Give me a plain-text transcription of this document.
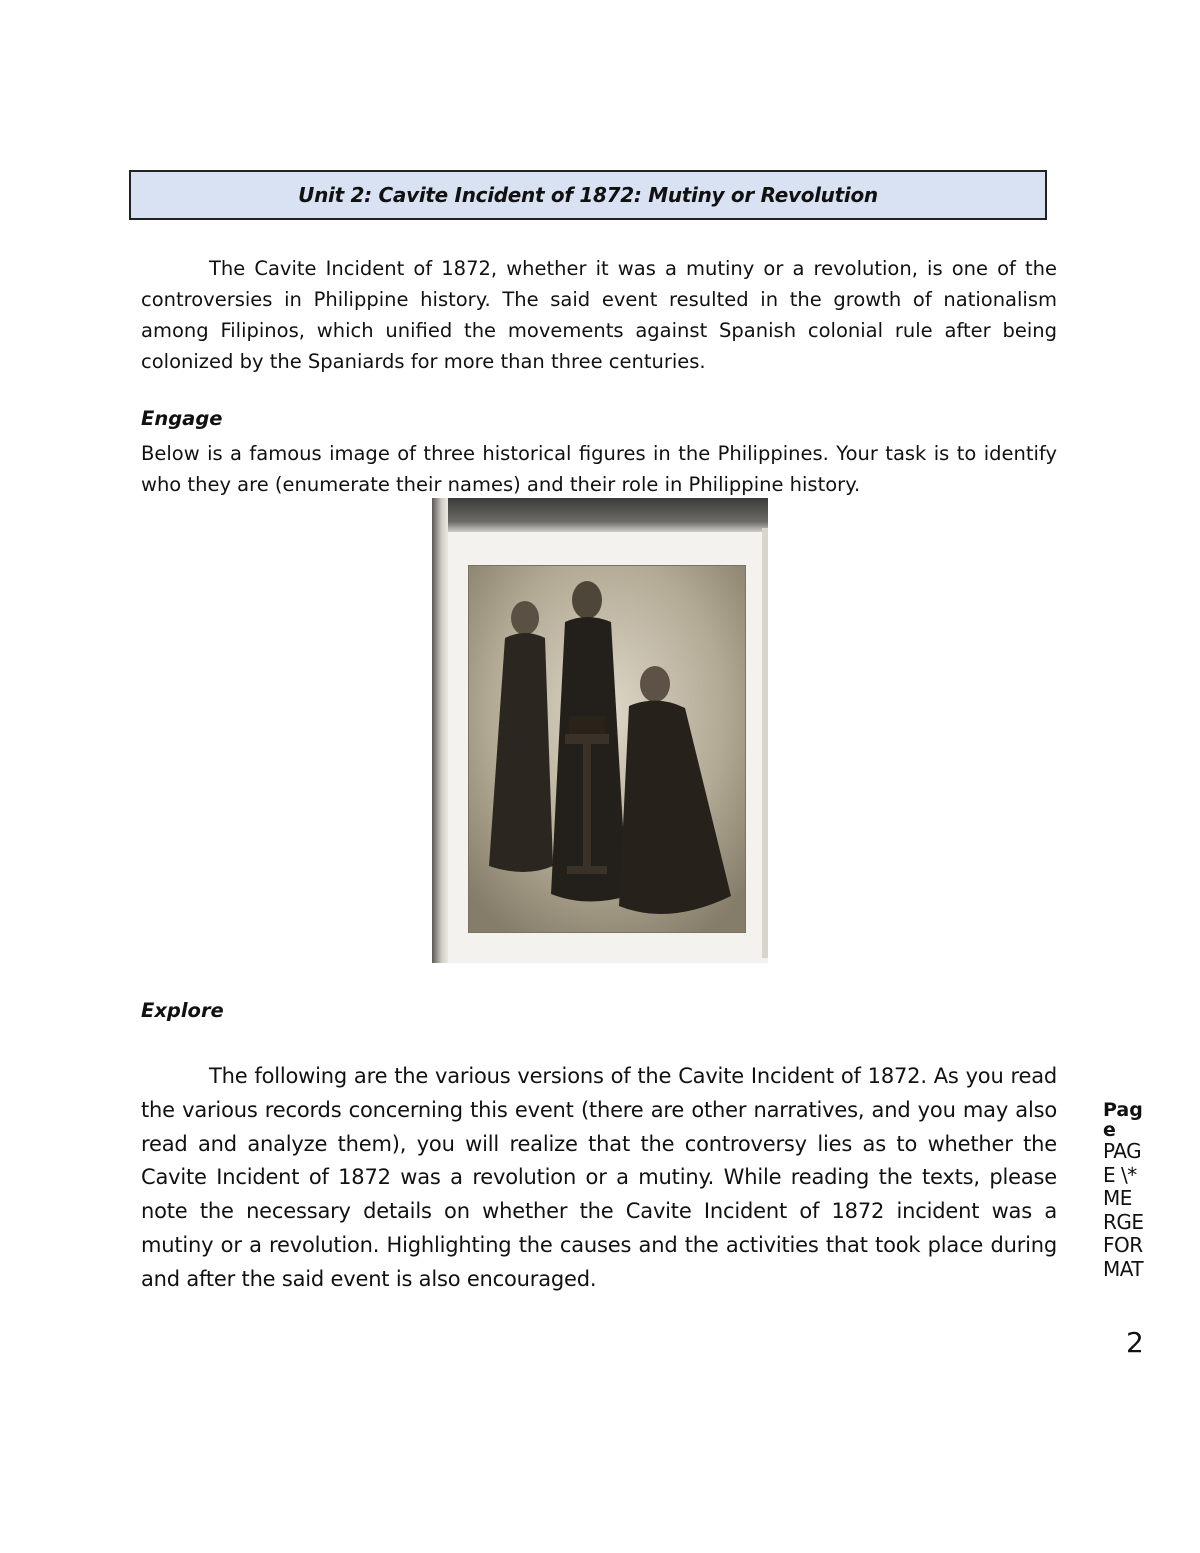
Unit 2: Cavite Incident of 1872: Mutiny or Revolution

The Cavite Incident of 1872, whether it was a mutiny or a revolution, is one of the controversies in Philippine history. The said event resulted in the growth of nationalism among Filipinos, which unified the movements against Spanish colonial rule after being colonized by the Spaniards for more than three centuries.

Engage

Below is a famous image of three historical figures in the Philippines. Your task is to identify who they are (enumerate their names) and their role in Philippine history.

Explore

The following are the various versions of the Cavite Incident of 1872. As you read the various records concerning this event (there are other narratives, and you may also read and analyze them), you will realize that the controversy lies as to whether the Cavite Incident of 1872 was a revolution or a mutiny. While reading the texts, please note the necessary details on whether the Cavite Incident of 1872 incident was a mutiny or a revolution. Highlighting the causes and the activities that took place during and after the said event is also encouraged.

Page
PAGE \* MERGEFORMAT
2
